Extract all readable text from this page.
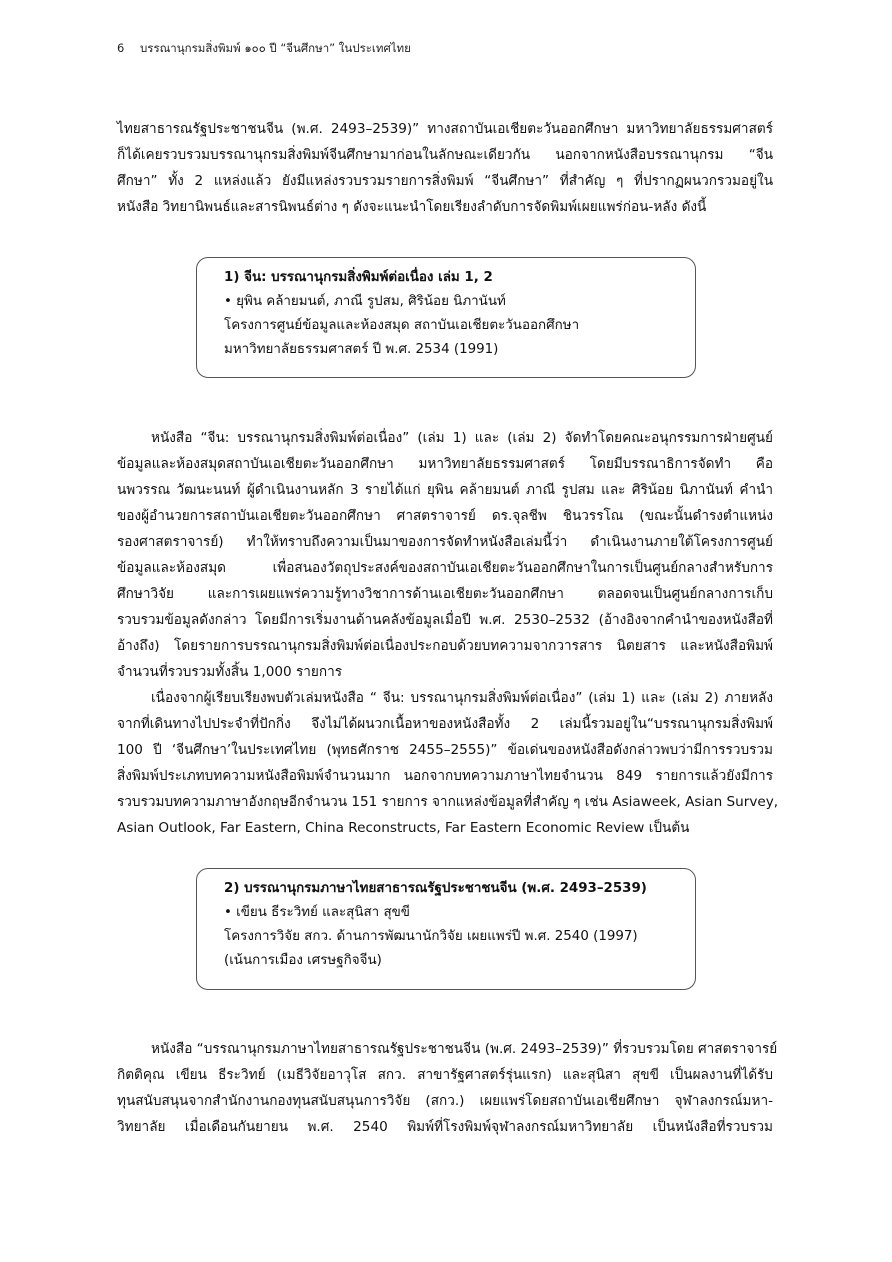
6 บรรณานุกรมสิ่งพิมพ์ ๑๐๐ ปี “จีนศึกษา” ในประเทศไทย
ไทยสาธารณรัฐประชาชนจีน (พ.ศ. 2493–2539)” ทางสถาบันเอเชียตะวันออกศึกษา มหาวิทยาลัยธรรมศาสตร์
ก็ได้เคยรวบรวมบรรณานุกรมสิ่งพิมพ์จีนศึกษามาก่อนในลักษณะเดียวกัน นอกจากหนังสือบรรณานุกรม “จีน
ศึกษา” ทั้ง 2 แหล่งแล้ว ยังมีแหล่งรวบรวมรายการสิ่งพิมพ์ “จีนศึกษา” ที่สำคัญ ๆ ที่ปรากฏผนวกรวมอยู่ใน
หนังสือ วิทยานิพนธ์และสารนิพนธ์ต่าง ๆ ดังจะแนะนำโดยเรียงลำดับการจัดพิมพ์เผยแพร่ก่อน-หลัง ดังนี้
1) จีน: บรรณานุกรมสิ่งพิมพ์ต่อเนื่อง เล่ม 1, 2
• ยุพิน คล้ายมนต์, ภาณี รูปสม, ศิริน้อย นิภานันท์
โครงการศูนย์ข้อมูลและห้องสมุด สถาบันเอเชียตะวันออกศึกษา
มหาวิทยาลัยธรรมศาสตร์ ปี พ.ศ. 2534 (1991)
หนังสือ “จีน: บรรณานุกรมสิ่งพิมพ์ต่อเนื่อง” (เล่ม 1) และ (เล่ม 2) จัดทำโดยคณะอนุกรรมการฝ่ายศูนย์
ข้อมูลและห้องสมุดสถาบันเอเชียตะวันออกศึกษา มหาวิทยาลัยธรรมศาสตร์ โดยมีบรรณาธิการจัดทำ คือ
นพวรรณ วัฒนะนนท์ ผู้ดำเนินงานหลัก 3 รายได้แก่ ยุพิน คล้ายมนต์ ภาณี รูปสม และ ศิริน้อย นิภานันท์ คำนำ
ของผู้อำนวยการสถาบันเอเชียตะวันออกศึกษา ศาสตราจารย์ ดร.จุลชีพ ชินวรรโณ (ขณะนั้นดำรงตำแหน่ง
รองศาสตราจารย์) ทำให้ทราบถึงความเป็นมาของการจัดทำหนังสือเล่มนี้ว่า ดำเนินงานภายใต้โครงการศูนย์
ข้อมูลและห้องสมุด เพื่อสนองวัตถุประสงค์ของสถาบันเอเชียตะวันออกศึกษาในการเป็นศูนย์กลางสำหรับการ
ศึกษาวิจัย และการเผยแพร่ความรู้ทางวิชาการด้านเอเชียตะวันออกศึกษา ตลอดจนเป็นศูนย์กลางการเก็บ
รวบรวมข้อมูลดังกล่าว โดยมีการเริ่มงานด้านคลังข้อมูลเมื่อปี พ.ศ. 2530–2532 (อ้างอิงจากคำนำของหนังสือที่
อ้างถึง) โดยรายการบรรณานุกรมสิ่งพิมพ์ต่อเนื่องประกอบด้วยบทความจากวารสาร นิตยสาร และหนังสือพิมพ์
จำนวนที่รวบรวมทั้งสิ้น 1,000 รายการ
เนื่องจากผู้เรียบเรียงพบตัวเล่มหนังสือ “ จีน: บรรณานุกรมสิ่งพิมพ์ต่อเนื่อง” (เล่ม 1) และ (เล่ม 2) ภายหลัง
จากที่เดินทางไปประจำที่ปักกิ่ง จึงไม่ได้ผนวกเนื้อหาของหนังสือทั้ง 2 เล่มนี้รวมอยู่ใน“บรรณานุกรมสิ่งพิมพ์
100 ปี ‘จีนศึกษา’ในประเทศไทย (พุทธศักราช 2455–2555)” ข้อเด่นของหนังสือดังกล่าวพบว่ามีการรวบรวม
สิ่งพิมพ์ประเภทบทความหนังสือพิมพ์จำนวนมาก นอกจากบทความภาษาไทยจำนวน 849 รายการแล้วยังมีการ
รวบรวมบทความภาษาอังกฤษอีกจำนวน 151 รายการ จากแหล่งข้อมูลที่สำคัญ ๆ เช่น Asiaweek, Asian Survey,
Asian Outlook, Far Eastern, China Reconstructs, Far Eastern Economic Review เป็นต้น
2) บรรณานุกรมภาษาไทยสาธารณรัฐประชาชนจีน (พ.ศ. 2493–2539)
• เขียน ธีระวิทย์ และสุนิสา สุขขี
โครงการวิจัย สกว. ด้านการพัฒนานักวิจัย เผยแพร่ปี พ.ศ. 2540 (1997)
(เน้นการเมือง เศรษฐกิจจีน)
หนังสือ “บรรณานุกรมภาษาไทยสาธารณรัฐประชาชนจีน (พ.ศ. 2493–2539)” ที่รวบรวมโดย ศาสตราจารย์
กิตติคุณ เขียน ธีระวิทย์ (เมธีวิจัยอาวุโส สกว. สาขารัฐศาสตร์รุ่นแรก) และสุนิสา สุขขี เป็นผลงานที่ได้รับ
ทุนสนับสนุนจากสำนักงานกองทุนสนับสนุนการวิจัย (สกว.) เผยแพร่โดยสถาบันเอเชียศึกษา จุฬาลงกรณ์มหา-
วิทยาลัย เมื่อเดือนกันยายน พ.ศ. 2540 พิมพ์ที่โรงพิมพ์จุฬาลงกรณ์มหาวิทยาลัย เป็นหนังสือที่รวบรวม
